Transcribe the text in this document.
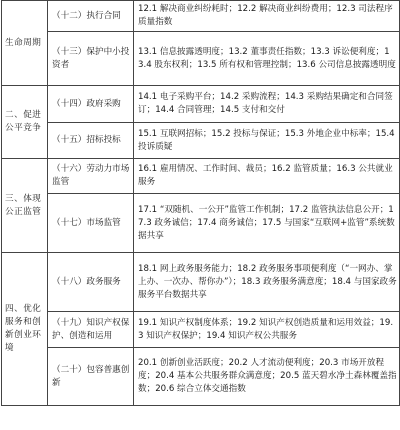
生命周期	（十二）执行合同	12.1 解决商业纠纷耗时；12.2 解决商业纠纷费用；12.3 司法程序质量指数
	（十三）保护中小投资者	13.1 信息披露透明度；13.2 董事责任指数；13.3 诉讼便利度；13.4 股东权利；13.5 所有权和管理控制；13.6 公司信息披露透明度
二、促进公平竞争	（十四）政府采购	14.1 电子采购平台；14.2 采购流程；14.3 采购结果确定和合同签订；14.4 合同管理；14.5 支付和交付
	（十五）招标投标	15.1 互联网招标；15.2 投标与保证；15.3 外地企业中标率；15.4 投诉质疑
三、体现公正监管	（十六）劳动力市场监管	16.1 雇用情况、工作时间、裁员；16.2 监管质量；16.3 公共就业服务
	（十七）市场监管	17.1 “双随机、一公开”监管工作机制；17.2 监管执法信息公开；17.3 政务诚信；17.4 商务诚信；17.5 与国家“互联网+监管”系统数据共享
四、优化服务和创新创业环境	（十八）政务服务	18.1 网上政务服务能力；18.2 政务服务事项便利度（“一网办、掌上办、一次办、帮你办”）；18.3 政务服务满意度；18.4 与国家政务服务平台数据共享
	（十九）知识产权保护、创造和运用	19.1 知识产权制度体系；19.2 知识产权创造质量和运用效益；19.3 知识产权保护；19.4 知识产权公共服务
	（二十）包容普惠创新	20.1 创新创业活跃度；20.2 人才流动便利度；20.3 市场开放程度；20.4 基本公共服务群众满意度；20.5 蓝天碧水净土森林覆盖指数；20.6 综合立体交通指数
